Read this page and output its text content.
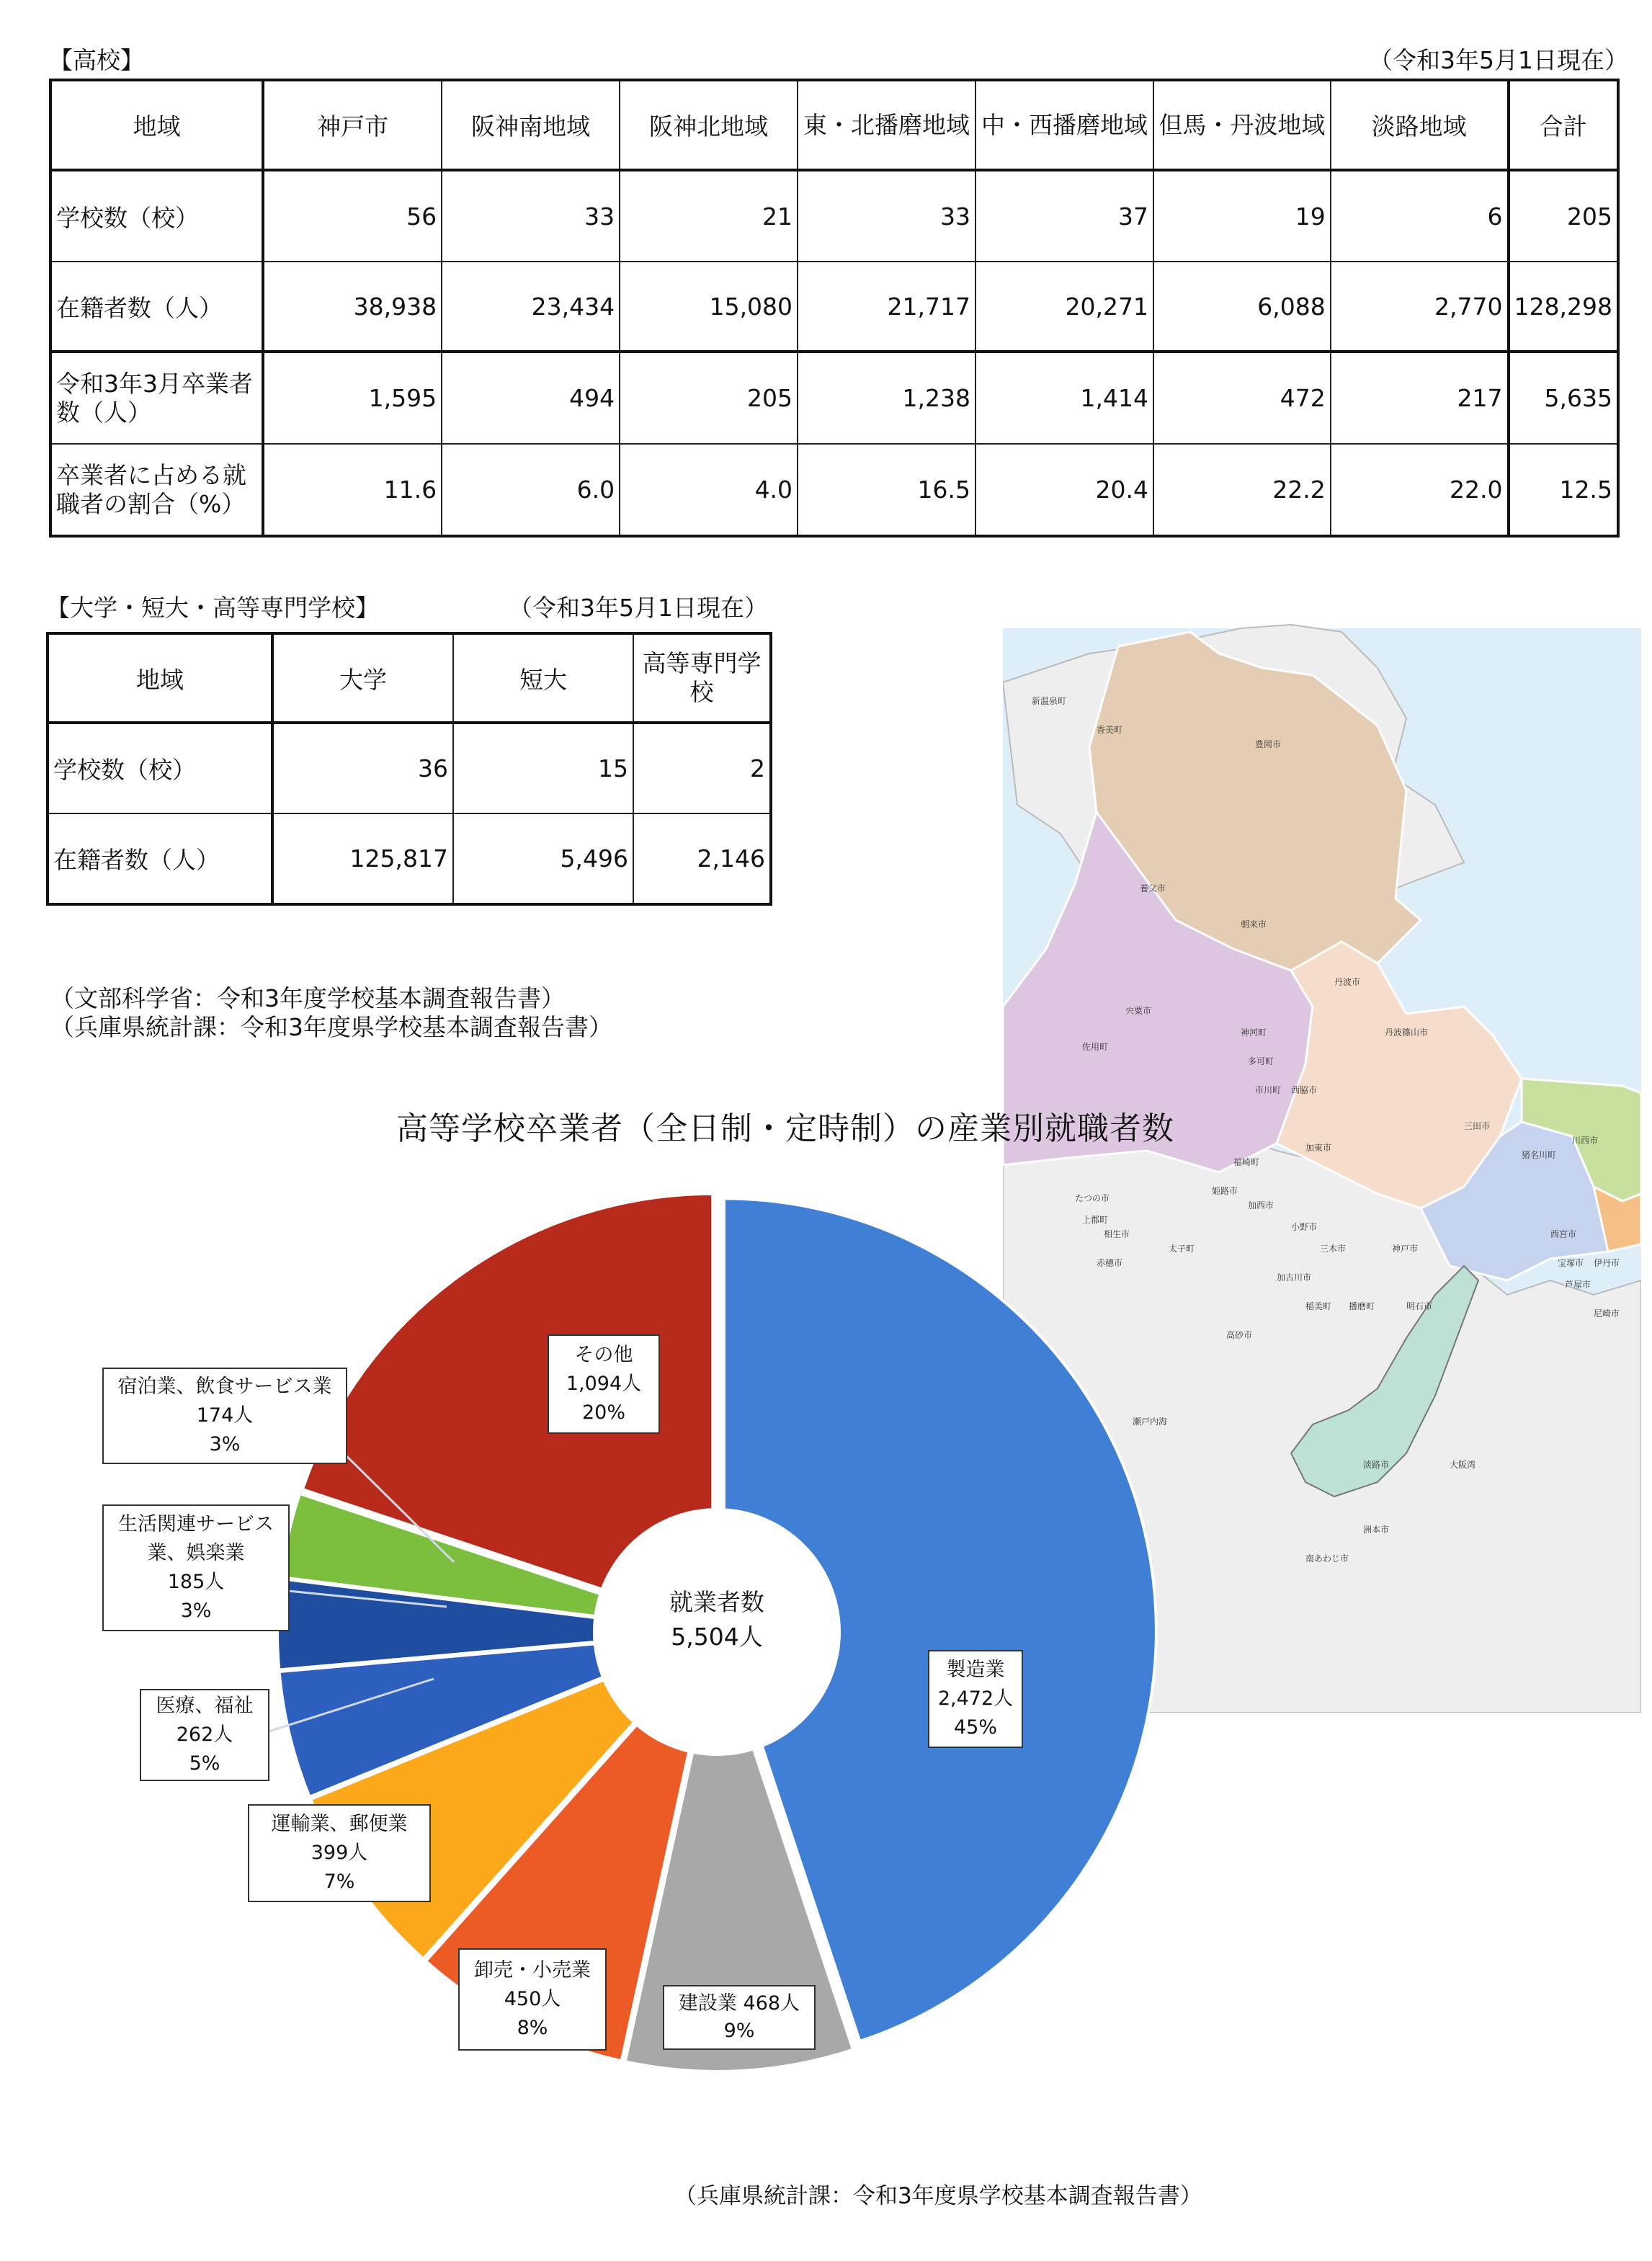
【高校】	（令和3年5月1日現在）
地域	神戸市	阪神南地域	阪神北地域	東・北播磨地域	中・西播磨地域	但馬・丹波地域	淡路地域	合計
学校数（校）	56	33	21	33	37	19	6	205
在籍者数（人）	38,938	23,434	15,080	21,717	20,271	6,088	2,770	128,298
令和3年3月卒業者数（人）	1,595	494	205	1,238	1,414	472	217	5,635
卒業者に占める就職者の割合（%）	11.6	6.0	4.0	16.5	20.4	22.2	22.0	12.5
【大学・短大・高等専門学校】	（令和3年5月1日現在）
地域	大学	短大	高等専門学校
学校数（校）	36	15	2
在籍者数（人）	125,817	5,496	2,146
（文部科学省：令和3年度学校基本調査報告書）
（兵庫県統計課：令和3年度県学校基本調査報告書）
新温泉町
香美町
豊岡市
養父市
朝来市
丹波市
丹波篠山市
宍粟市
佐用町
神河町
市川町
多可町
西脇市
三田市
猪名川町
川西市
加東市
福崎町
姫路市
たつの市
上郡町
相生市
赤穂市
太子町
加西市
小野市
三木市	神戸市
西宮市
宝塚市 伊丹市
芦屋市
尼崎市
加古川市
稲美町 播磨町
高砂市
明石市
瀬戸内海
大阪湾
淡路市
洲本市
南あわじ市
高等学校卒業者（全日制・定時制）の産業別就職者数
就業者数
5,504人
製造業
2,472人
45%
建設業 468人
9%
卸売・小売業
450人
8%
運輸業、郵便業
399人
7%
医療、福祉
262人
5%
生活関連サービス業、娯楽業
185人
3%
宿泊業、飲食サービス業
174人
3%
その他
1,094人
20%
（兵庫県統計課：令和3年度県学校基本調査報告書）
